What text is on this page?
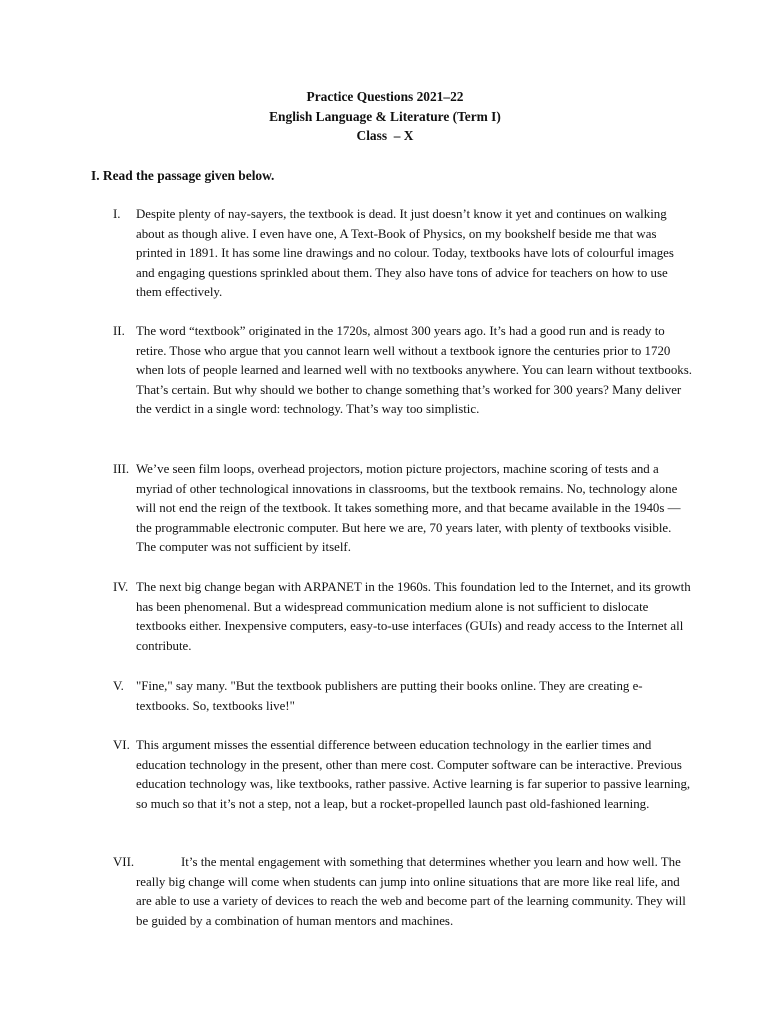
Practice Questions 2021–22
English Language & Literature (Term I)
Class  – X
I. Read the passage given below.
I. Despite plenty of nay-sayers, the textbook is dead. It just doesn’t know it yet and continues on walking about as though alive. I even have one, A Text-Book of Physics, on my bookshelf beside me that was printed in 1891. It has some line drawings and no colour. Today, textbooks have lots of colourful images and engaging questions sprinkled about them. They also have tons of advice for teachers on how to use them effectively.
II. The word “textbook” originated in the 1720s, almost 300 years ago. It’s had a good run and is ready to retire. Those who argue that you cannot learn well without a textbook ignore the centuries prior to 1720 when lots of people learned and learned well with no textbooks anywhere. You can learn without textbooks. That’s certain. But why should we bother to change something that’s worked for 300 years? Many deliver the verdict in a single word: technology. That’s way too simplistic.
III. We’ve seen film loops, overhead projectors, motion picture projectors, machine scoring of tests and a myriad of other technological innovations in classrooms, but the textbook remains. No, technology alone will not end the reign of the textbook. It takes something more, and that became available in the 1940s — the programmable electronic computer. But here we are, 70 years later, with plenty of textbooks visible. The computer was not sufficient by itself.
IV. The next big change began with ARPANET in the 1960s. This foundation led to the Internet, and its growth has been phenomenal. But a widespread communication medium alone is not sufficient to dislocate textbooks either. Inexpensive computers, easy-to-use interfaces (GUIs) and ready access to the Internet all contribute.
V. "Fine," say many. "But the textbook publishers are putting their books online. They are creating e-textbooks. So, textbooks live!"
VI. This argument misses the essential difference between education technology in the earlier times and education technology in the present, other than mere cost. Computer software can be interactive. Previous education technology was, like textbooks, rather passive. Active learning is far superior to passive learning, so much so that it’s not a step, not a leap, but a rocket-propelled launch past old-fashioned learning.
VII.	It’s the mental engagement with something that determines whether you learn and how well. The really big change will come when students can jump into online situations that are more like real life, and are able to use a variety of devices to reach the web and become part of the learning community. They will be guided by a combination of human mentors and machines.
